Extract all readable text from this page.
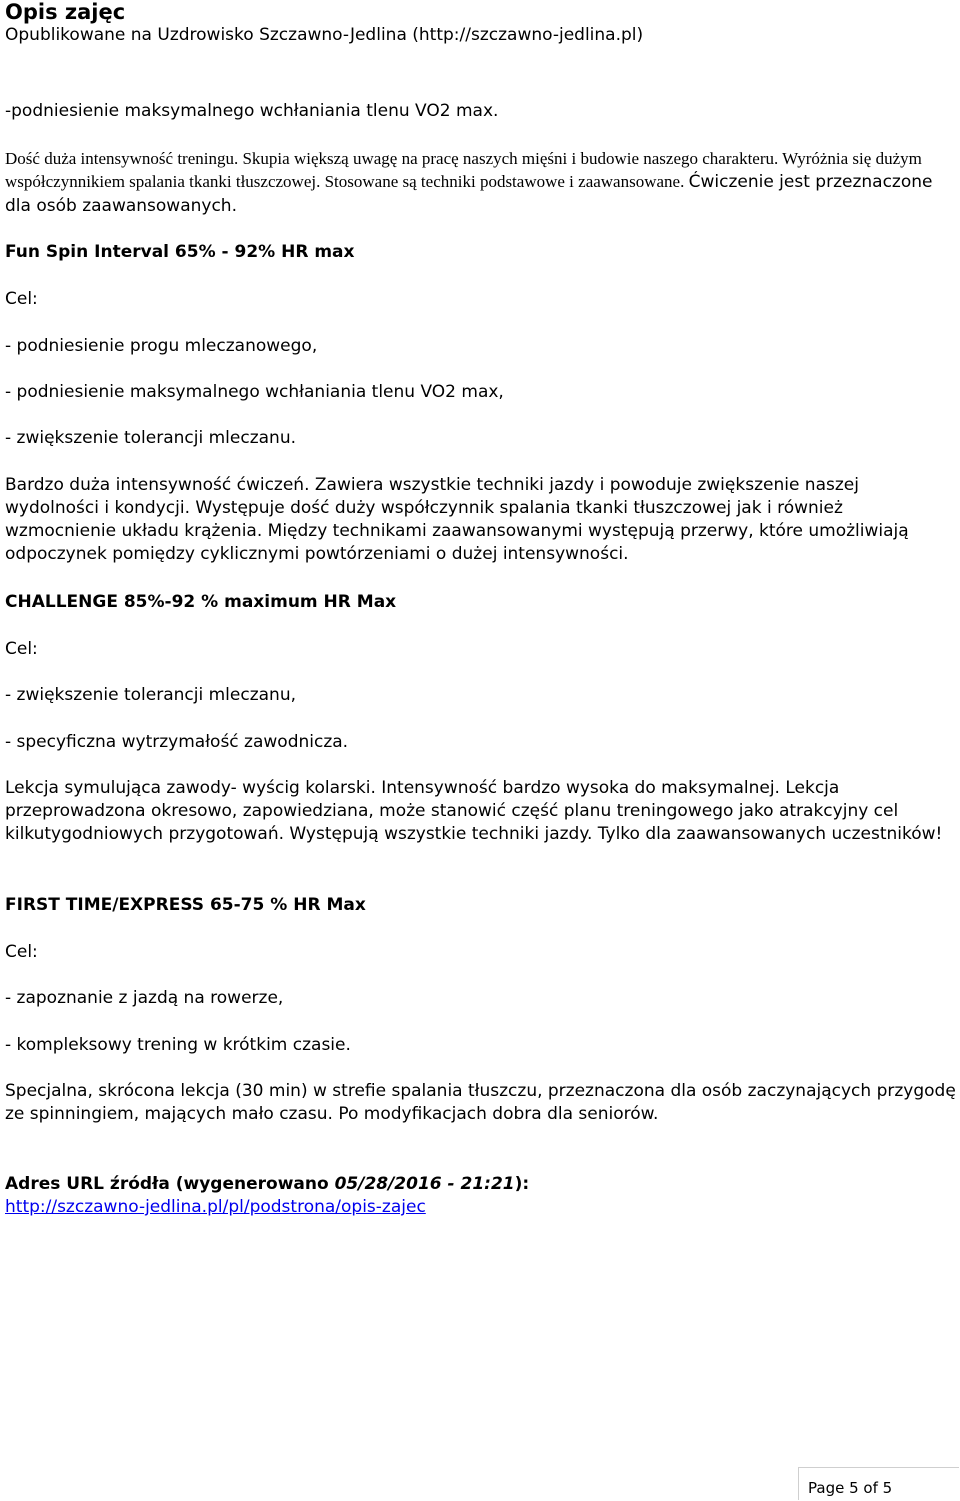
Opis zajęc
Opublikowane na Uzdrowisko Szczawno-Jedlina (http://szczawno-jedlina.pl)
-podniesienie maksymalnego wchłaniania tlenu VO2 max.
Dość duża intensywność treningu. Skupia większą uwagę na pracę naszych mięśni i budowie naszego charakteru. Wyróżnia się dużym współczynnikiem spalania tkanki tłuszczowej. Stosowane są techniki podstawowe i zaawansowane. Ćwiczenie jest przeznaczone dla osób zaawansowanych.
Fun Spin Interval 65% - 92% HR max
Cel:
- podniesienie progu mleczanowego,
- podniesienie maksymalnego wchłaniania tlenu VO2 max,
- zwiększenie tolerancji mleczanu.
Bardzo duża intensywność ćwiczeń. Zawiera wszystkie techniki jazdy i powoduje zwiększenie naszej wydolności i kondycji. Występuje dość duży współczynnik spalania tkanki tłuszczowej jak i również wzmocnienie układu krążenia. Między technikami zaawansowanymi występują przerwy, które umożliwiają odpoczynek pomiędzy cyklicznymi powtórzeniami o dużej intensywności.
CHALLENGE 85%-92 % maximum HR Max
Cel:
- zwiększenie tolerancji mleczanu,
- specyficzna wytrzymałość zawodnicza.
Lekcja symulująca zawody- wyścig kolarski. Intensywność bardzo wysoka do maksymalnej. Lekcja przeprowadzona okresowo, zapowiedziana, może stanowić część planu treningowego jako atrakcyjny cel kilkutygodniowych przygotowań. Występują wszystkie techniki jazdy. Tylko dla zaawansowanych uczestników!
FIRST TIME/EXPRESS 65-75 % HR Max
Cel:
- zapoznanie z jazdą na rowerze,
- kompleksowy trening w krótkim czasie.
Specjalna, skrócona lekcja (30 min) w strefie spalania tłuszczu, przeznaczona dla osób zaczynających przygodę ze spinningiem, mających mało czasu. Po modyfikacjach dobra dla seniorów.
Adres URL źródła (wygenerowano 05/28/2016 - 21:21):
http://szczawno-jedlina.pl/pl/podstrona/opis-zajec
Page 5 of 5
